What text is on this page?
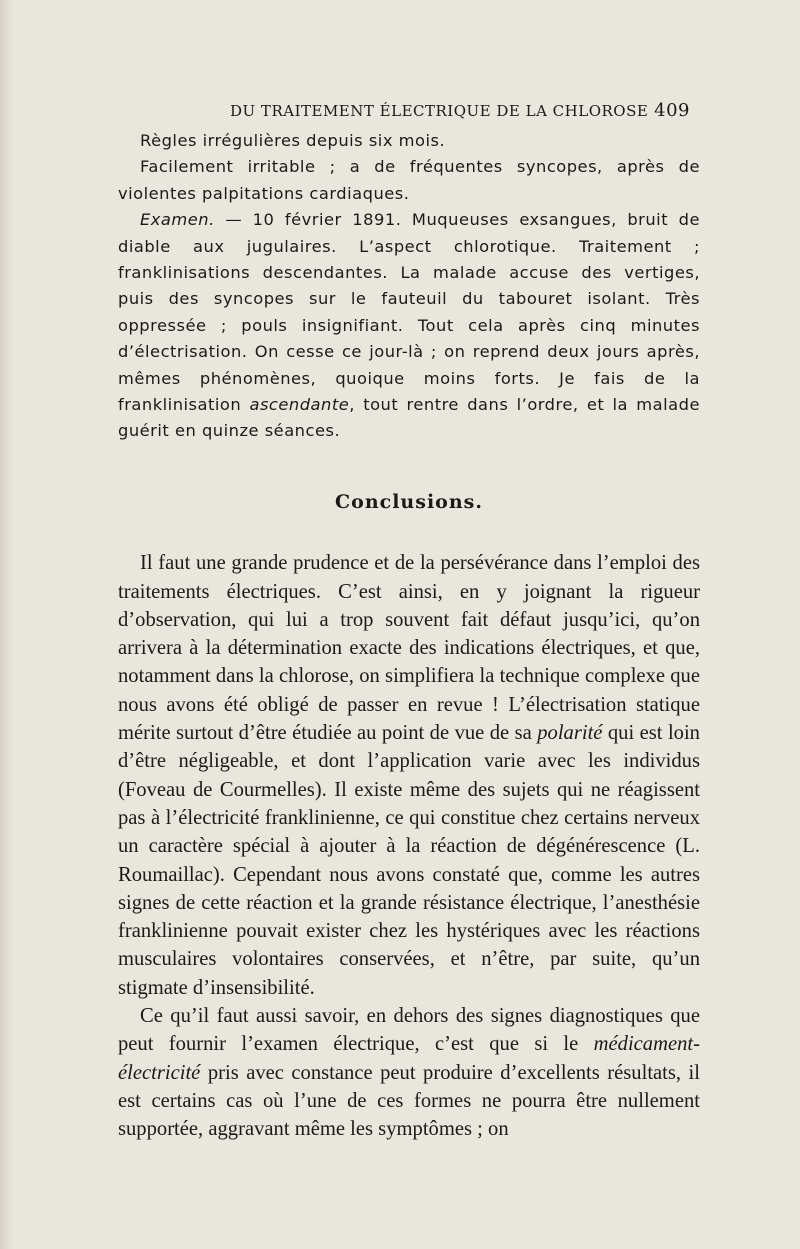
DU TRAITEMENT ÉLECTRIQUE DE LA CHLOROSE 409

Règles irrégulières depuis six mois.

Facilement irritable ; a de fréquentes syncopes, après de violentes palpitations cardiaques.

Examen. — 10 février 1891. Muqueuses exsangues, bruit de diable aux jugulaires. L’aspect chlorotique. Traitement ; franklinisations descendantes. La malade accuse des vertiges, puis des syncopes sur le fauteuil du tabouret isolant. Très oppressée ; pouls insignifiant. Tout cela après cinq minutes d’électrisation. On cesse ce jour-là ; on reprend deux jours après, mêmes phénomènes, quoique moins forts. Je fais de la franklinisation ascendante, tout rentre dans l’ordre, et la malade guérit en quinze séances.

Conclusions.

Il faut une grande prudence et de la persévérance dans l’emploi des traitements électriques. C’est ainsi, en y joignant la rigueur d’observation, qui lui a trop souvent fait défaut jusqu’ici, qu’on arrivera à la détermination exacte des indications électriques, et que, notamment dans la chlorose, on simplifiera la technique complexe que nous avons été obligé de passer en revue ! L’électrisation statique mérite surtout d’être étudiée au point de vue de sa polarité qui est loin d’être négligeable, et dont l’application varie avec les individus (Foveau de Courmelles). Il existe même des sujets qui ne réagissent pas à l’électricité franklinienne, ce qui constitue chez certains nerveux un caractère spécial à ajouter à la réaction de dégénérescence (L. Roumaillac). Cependant nous avons constaté que, comme les autres signes de cette réaction et la grande résistance électrique, l’anesthésie franklinienne pouvait exister chez les hystériques avec les réactions musculaires volontaires conservées, et n’être, par suite, qu’un stigmate d’insensibilité.

Ce qu’il faut aussi savoir, en dehors des signes diagnostiques que peut fournir l’examen électrique, c’est que si le médicament-électricité pris avec constance peut produire d’excellents résultats, il est certains cas où l’une de ces formes ne pourra être nullement supportée, aggravant même les symptômes ; on
